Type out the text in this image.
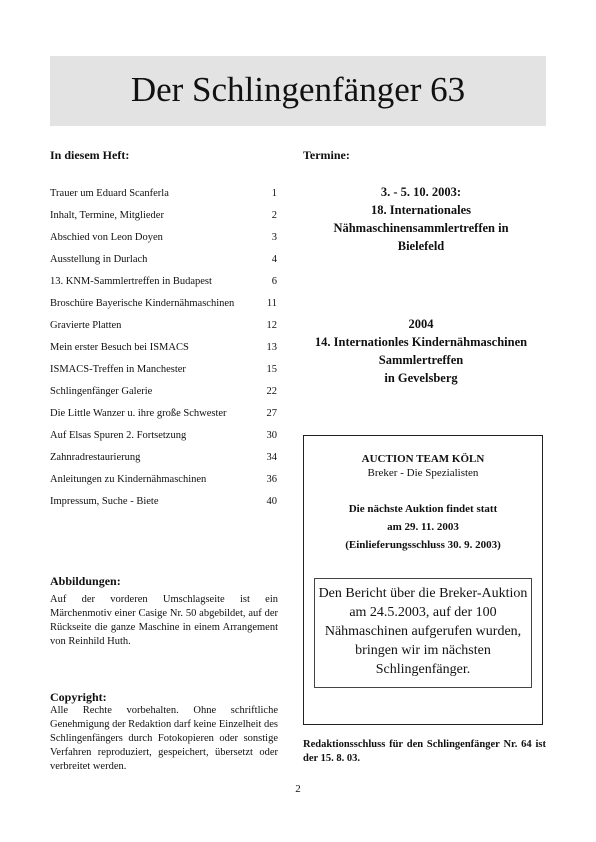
Der Schlingenfänger 63
In diesem Heft:
Trauer um Eduard Scanferla	1
Inhalt, Termine, Mitglieder	2
Abschied von Leon Doyen	3
Ausstellung in Durlach	4
13. KNM-Sammlertreffen in Budapest	6
Broschüre Bayerische Kindernähmaschinen	11
Gravierte Platten	12
Mein erster Besuch bei ISMACS	13
ISMACS-Treffen in Manchester	15
Schlingenfänger Galerie	22
Die Little Wanzer u. ihre große Schwester	27
Auf Elsas Spuren 2. Fortsetzung	30
Zahnradrestaurierung	34
Anleitungen zu Kindernähmaschinen	36
Impressum, Suche - Biete	40
Abbildungen:
Auf der vorderen Umschlagseite ist ein Märchenmotiv einer Casige Nr. 50 abgebildet, auf der Rückseite die ganze Maschine in einem Arrangement von Reinhild Huth.
Copyright:
Alle Rechte vorbehalten. Ohne schriftliche Genehmigung der Redaktion darf keine Einzelheit des Schlingenfängers durch Fotokopieren oder sonstige Verfahren reproduziert, gespeichert, übersetzt oder verbreitet werden.
Termine:
3. - 5. 10. 2003:
18. Internationales
Nähmaschinensammlertreffen in
Bielefeld
2004
14. Internationles Kindernähmaschinen
Sammlertreffen
in Gevelsberg
AUCTION TEAM KÖLN
Breker - Die Spezialisten
Die nächste Auktion findet statt
am 29. 11. 2003
(Einlieferungsschluss 30. 9. 2003)
Den Bericht über die Breker-Auktion am 24.5.2003, auf der 100 Nähmaschinen aufgerufen wurden, bringen wir im nächsten Schlingenfänger.
Redaktionsschluss für den Schlingenfänger Nr. 64 ist der 15. 8. 03.
2
